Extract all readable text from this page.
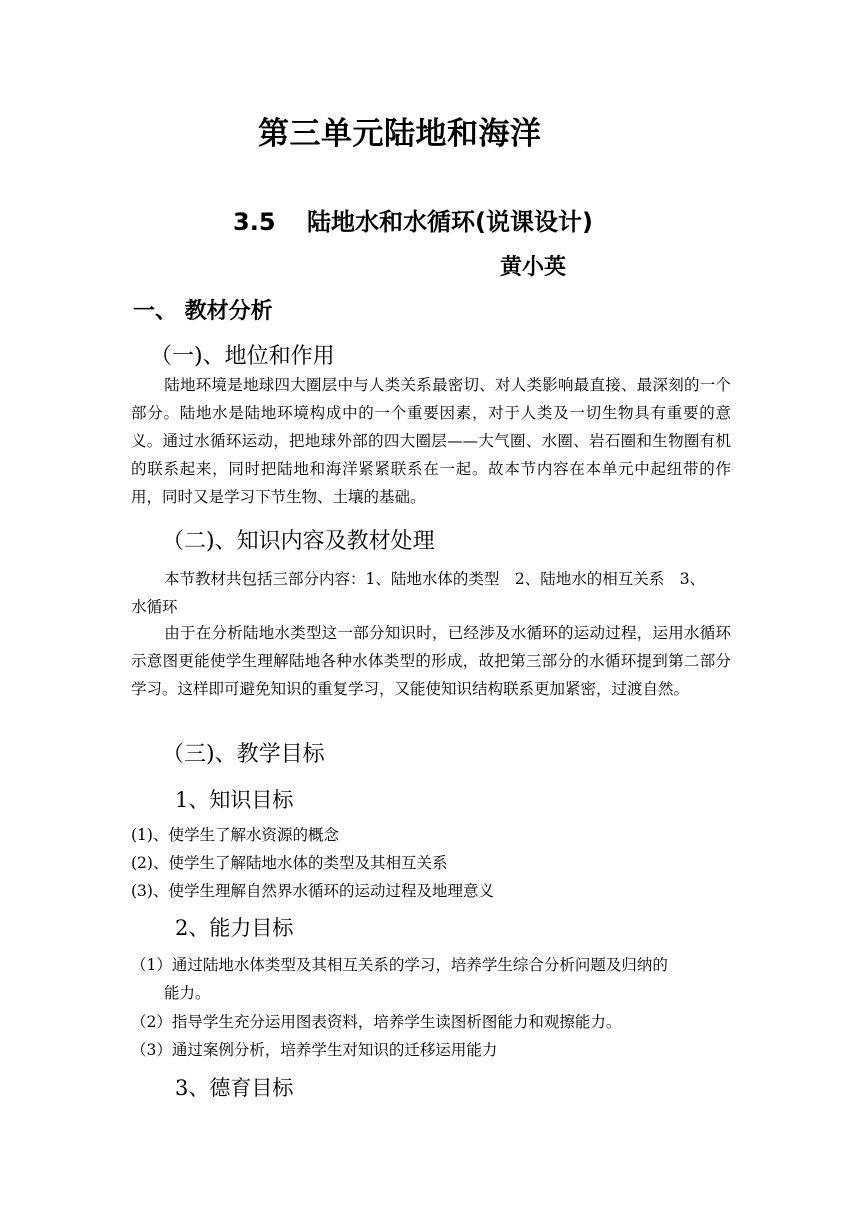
第三单元陆地和海洋
3.5 陆地水和水循环(说课设计)
黄小英
一、 教材分析
（一)、地位和作用
陆地环境是地球四大圈层中与人类关系最密切、对人类影响最直接、最深刻的一个部分。陆地水是陆地环境构成中的一个重要因素，对于人类及一切生物具有重要的意义。通过水循环运动，把地球外部的四大圈层——大气圈、水圈、岩石圈和生物圈有机的联系起来，同时把陆地和海洋紧紧联系在一起。故本节内容在本单元中起纽带的作用，同时又是学习下节生物、土壤的基础。
（二)、知识内容及教材处理
本节教材共包括三部分内容：1、陆地水体的类型　2、陆地水的相互关系　3、
水循环
由于在分析陆地水类型这一部分知识时，已经涉及水循环的运动过程，运用水循环示意图更能使学生理解陆地各种水体类型的形成，故把第三部分的水循环提到第二部分学习。这样即可避免知识的重复学习，又能使知识结构联系更加紧密，过渡自然。
（三)、教学目标
1、知识目标
(1)、使学生了解水资源的概念
(2)、使学生了解陆地水体的类型及其相互关系
(3)、使学生理解自然界水循环的运动过程及地理意义
2、能力目标
（1）通过陆地水体类型及其相互关系的学习，培养学生综合分析问题及归纳的
能力。
（2）指导学生充分运用图表资料，培养学生读图析图能力和观擦能力。
（3）通过案例分析，培养学生对知识的迁移运用能力
3、德育目标
